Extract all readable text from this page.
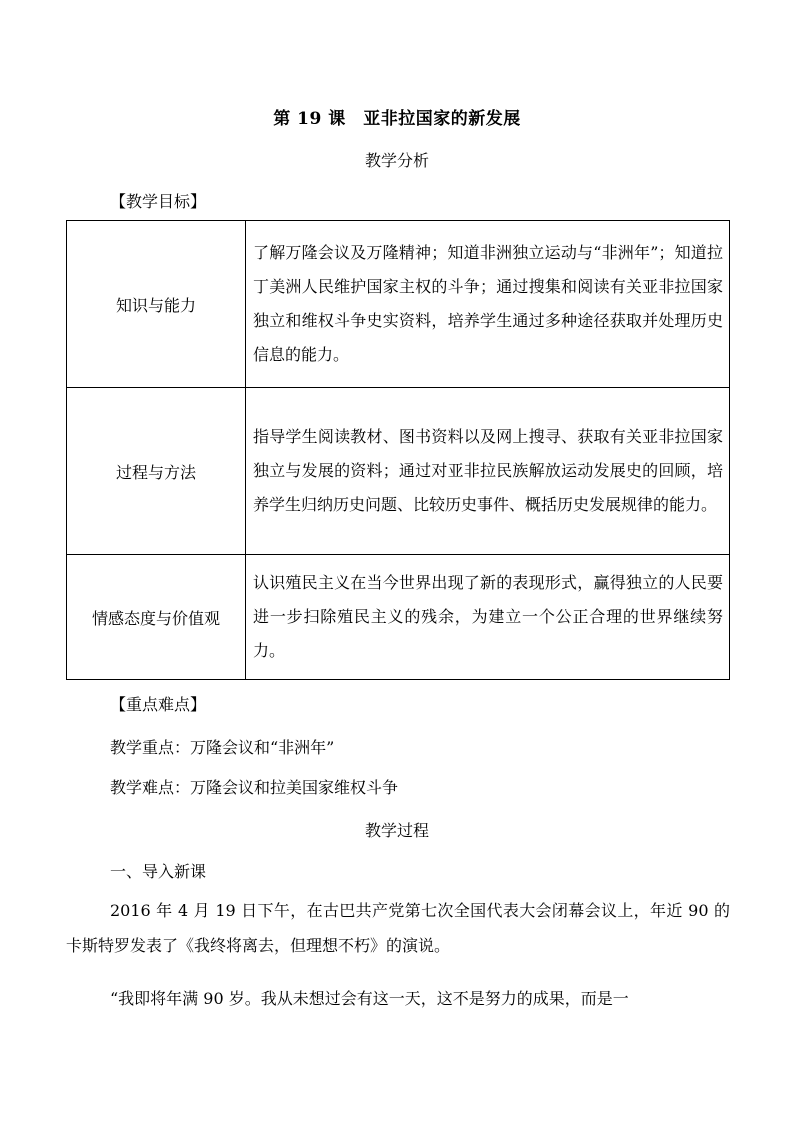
第 19 课　亚非拉国家的新发展
教学分析
【教学目标】
知识与能力	了解万隆会议及万隆精神；知道非洲独立运动与“非洲年”；知道拉丁美洲人民维护国家主权的斗争；通过搜集和阅读有关亚非拉国家独立和维权斗争史实资料，培养学生通过多种途径获取并处理历史信息的能力。
过程与方法	指导学生阅读教材、图书资料以及网上搜寻、获取有关亚非拉国家独立与发展的资料；通过对亚非拉民族解放运动发展史的回顾，培养学生归纳历史问题、比较历史事件、概括历史发展规律的能力。
情感态度与价值观	认识殖民主义在当今世界出现了新的表现形式，赢得独立的人民要进一步扫除殖民主义的残余，为建立一个公正合理的世界继续努力。
【重点难点】
教学重点：万隆会议和“非洲年”
教学难点：万隆会议和拉美国家维权斗争
教学过程
一、导入新课
2016 年 4 月 19 日下午，在古巴共产党第七次全国代表大会闭幕会议上，年近 90 的卡斯特罗发表了《我终将离去，但理想不朽》的演说。
“我即将年满 90 岁。我从未想过会有这一天，这不是努力的成果，而是一
